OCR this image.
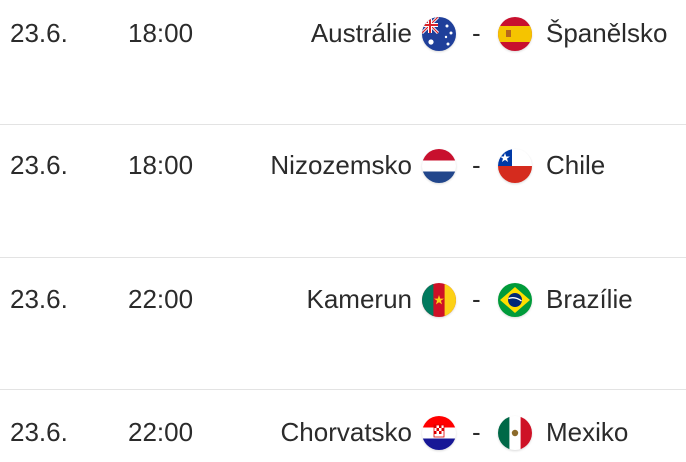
23.6. 18:00	Austrálie -	Španělsko
23.6. 18:00	Nizozemsko -	Chile
23.6. 22:00	Kamerun -	Brazílie
23.6. 22:00	Chorvatsko -	Mexiko
